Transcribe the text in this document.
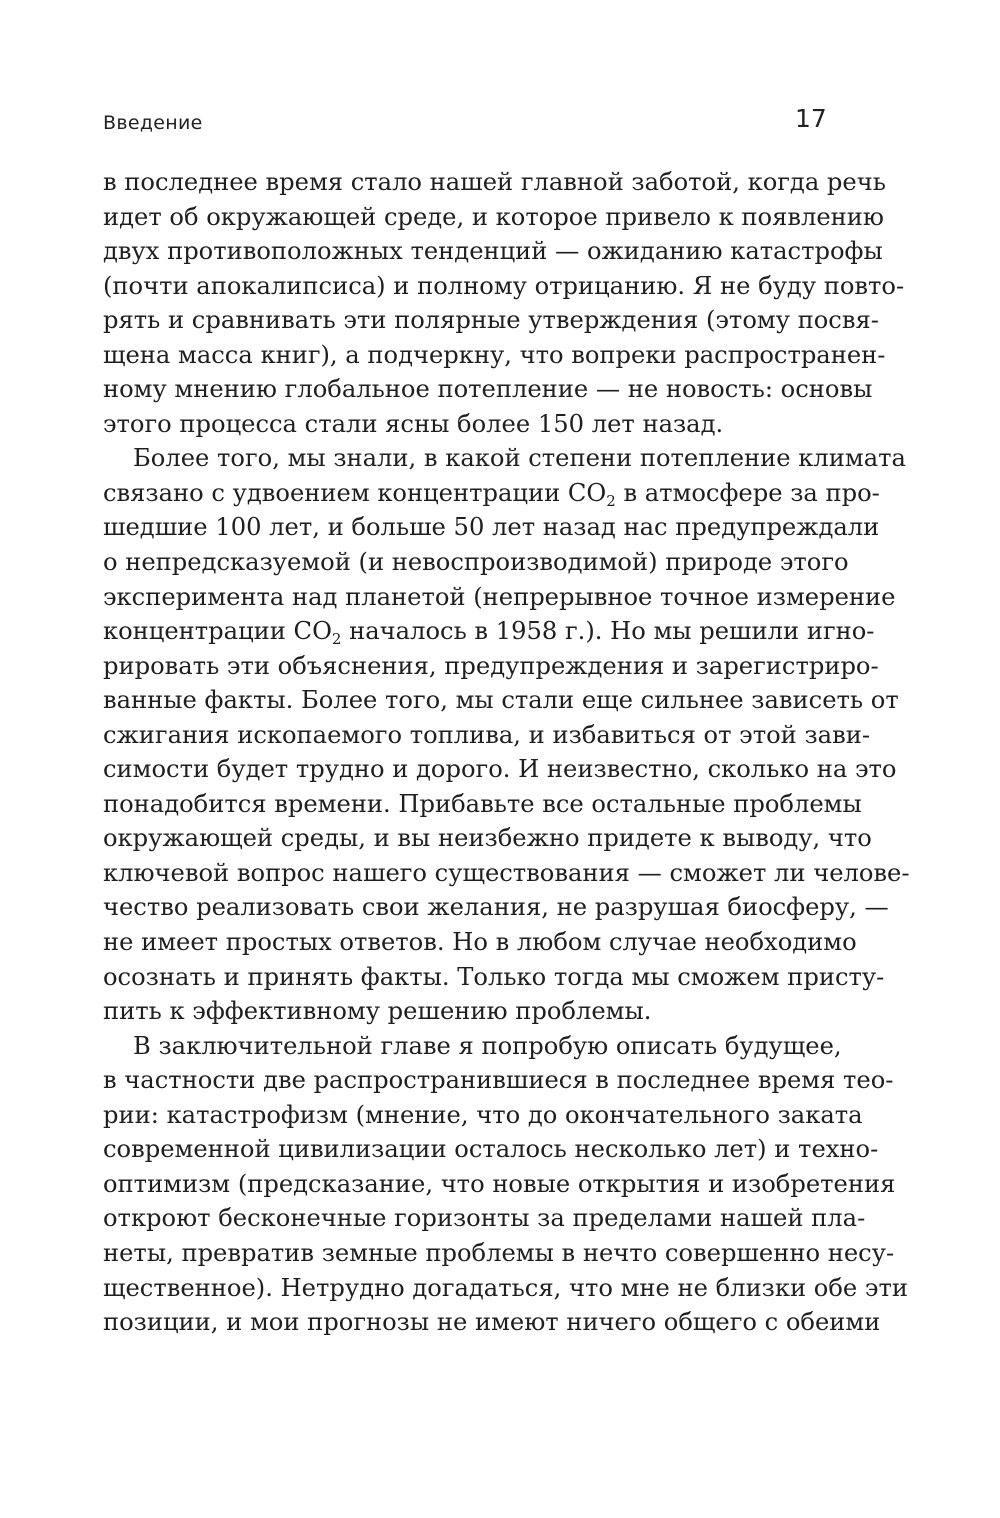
Введение	17

в последнее время стало нашей главной заботой, когда речь
идет об окружающей среде, и которое привело к появлению
двух противоположных тенденций — ожиданию катастрофы
(почти апокалипсиса) и полному отрицанию. Я не буду повто-
рять и сравнивать эти полярные утверждения (этому посвя-
щена масса книг), а подчеркну, что вопреки распространен-
ному мнению глобальное потепление — не новость: основы
этого процесса стали ясны более 150 лет назад.

Более того, мы знали, в какой степени потепление климата
связано с удвоением концентрации $CO_2$ в атмосфере за про-
шедшие 100 лет, и больше 50 лет назад нас предупреждали
о непредсказуемой (и невоспроизводимой) природе этого
эксперимента над планетой (непрерывное точное измерение
концентрации $CO_2$ началось в 1958 г.). Но мы решили игно-
рировать эти объяснения, предупреждения и зарегистриро-
ванные факты. Более того, мы стали еще сильнее зависеть от
сжигания ископаемого топлива, и избавиться от этой зави-
симости будет трудно и дорого. И неизвестно, сколько на это
понадобится времени. Прибавьте все остальные проблемы
окружающей среды, и вы неизбежно придете к выводу, что
ключевой вопрос нашего существования — сможет ли челове-
чество реализовать свои желания, не разрушая биосферу, —
не имеет простых ответов. Но в любом случае необходимо
осознать и принять факты. Только тогда мы сможем присту-
пить к эффективному решению проблемы.

В заключительной главе я попробую описать будущее,
в частности две распространившиеся в последнее время тео-
рии: катастрофизм (мнение, что до окончательного заката
современной цивилизации осталось несколько лет) и техно-
оптимизм (предсказание, что новые открытия и изобретения
откроют бесконечные горизонты за пределами нашей пла-
неты, превратив земные проблемы в нечто совершенно несу-
щественное). Нетрудно догадаться, что мне не близки обе эти
позиции, и мои прогнозы не имеют ничего общего с обеими
